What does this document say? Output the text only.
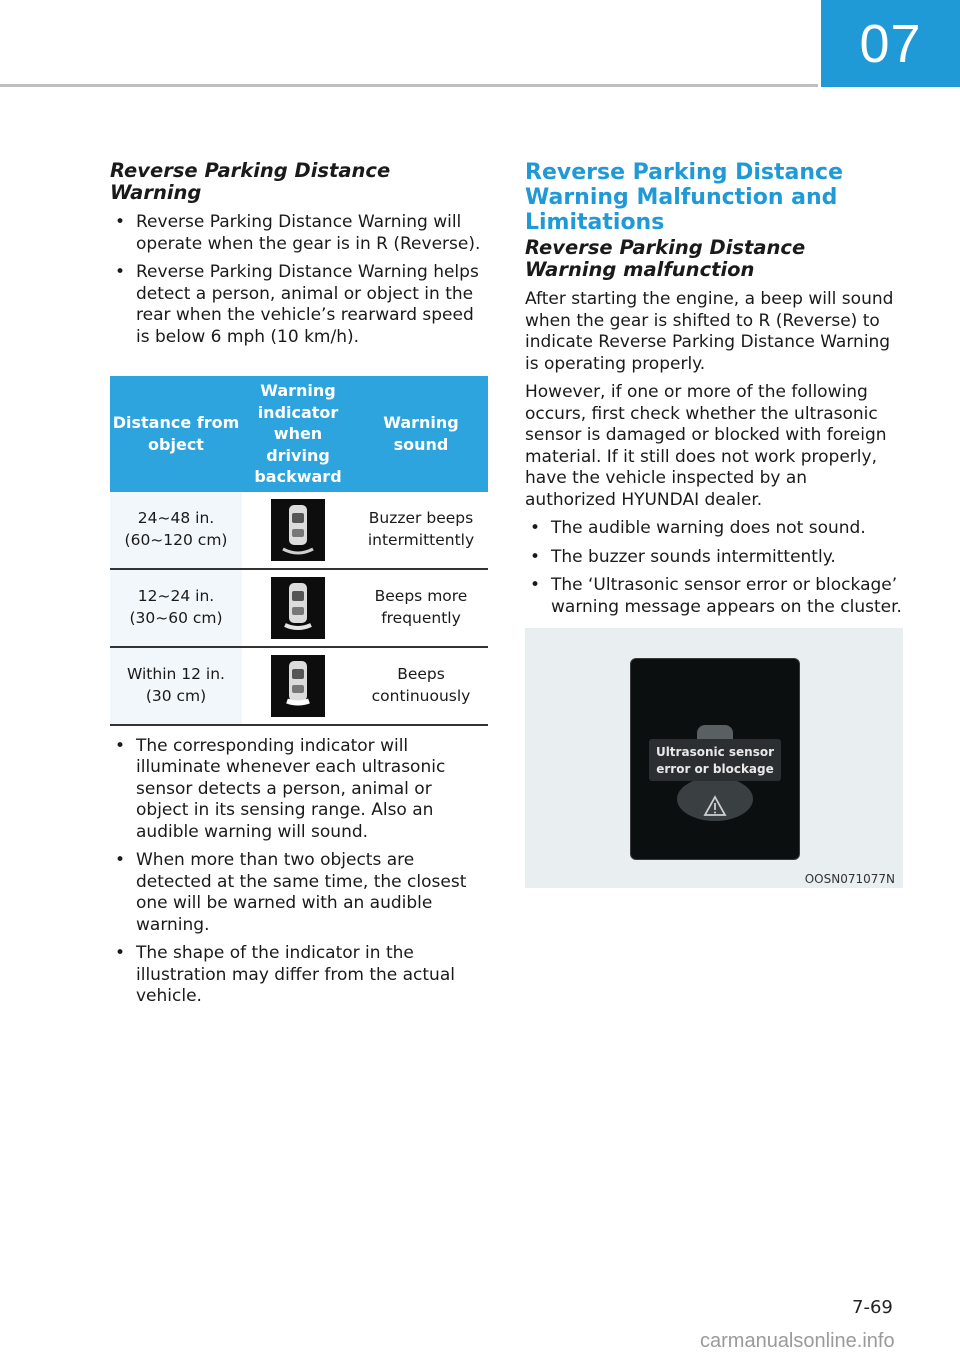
07
Reverse Parking Distance Warning
• Reverse Parking Distance Warning will operate when the gear is in R (Reverse).
• Reverse Parking Distance Warning helps detect a person, animal or object in the rear when the vehicle’s rearward speed is below 6 mph (10 km/h).
Distance from object	Warning indicator when driving backward	Warning sound
24~48 in.
(60~120 cm)		Buzzer beeps intermittently
12~24 in.
(30~60 cm)		Beeps more frequently
Within 12 in.
(30 cm)		Beeps continuously
• The corresponding indicator will illuminate whenever each ultrasonic sensor detects a person, animal or object in its sensing range. Also an audible warning will sound.
• When more than two objects are detected at the same time, the closest one will be warned with an audible warning.
• The shape of the indicator in the illustration may differ from the actual vehicle.
Reverse Parking Distance Warning Malfunction and Limitations
Reverse Parking Distance Warning malfunction

After starting the engine, a beep will sound when the gear is shifted to R (Reverse) to indicate Reverse Parking Distance Warning is operating properly.

However, if one or more of the following occurs, first check whether the ultrasonic sensor is damaged or blocked with foreign material. If it still does not work properly, have the vehicle inspected by an authorized HYUNDAI dealer.

• The audible warning does not sound.
• The buzzer sounds intermittently.
• The ‘Ultrasonic sensor error or blockage’ warning message appears on the cluster.
Ultrasonic sensor
error or blockage
OOSN071077N
7-69
carmanualsonline.info
